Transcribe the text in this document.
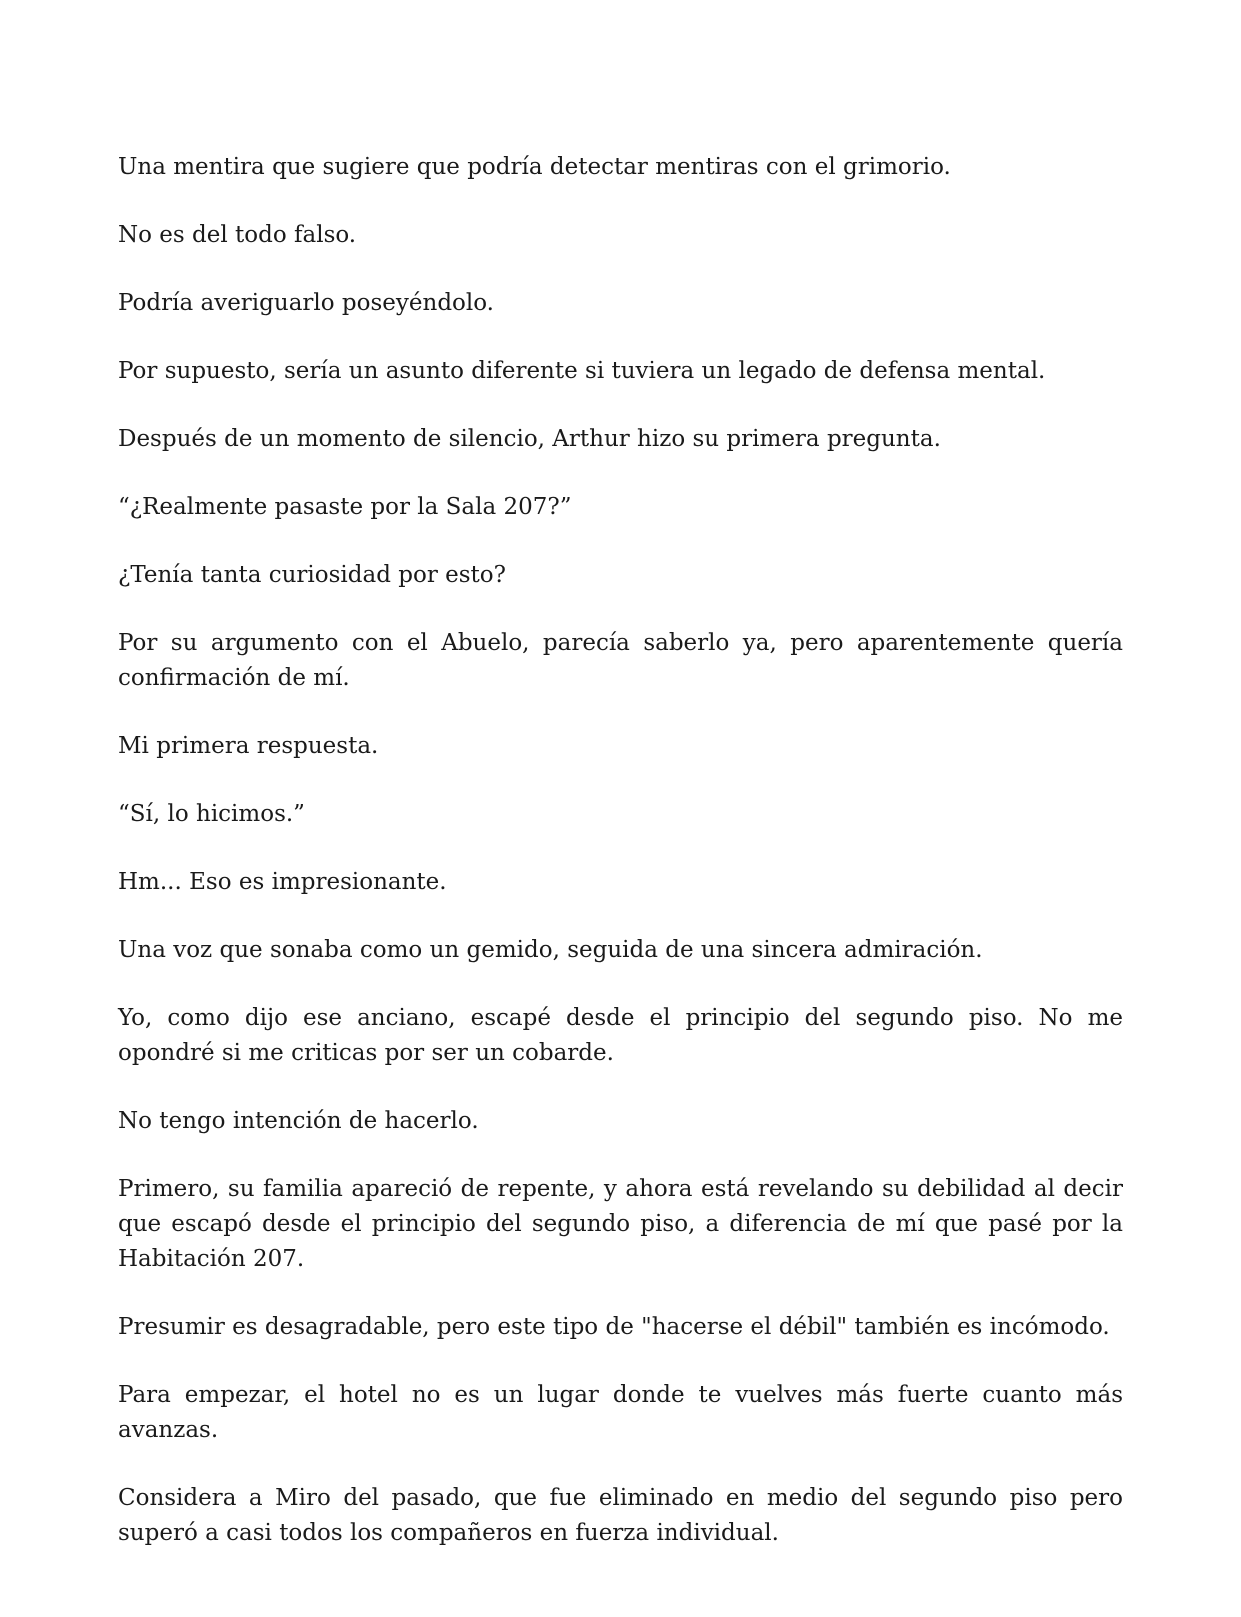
Una mentira que sugiere que podría detectar mentiras con el grimorio.

No es del todo falso.

Podría averiguarlo poseyéndolo.

Por supuesto, sería un asunto diferente si tuviera un legado de defensa mental.

Después de un momento de silencio, Arthur hizo su primera pregunta.

“¿Realmente pasaste por la Sala 207?”

¿Tenía tanta curiosidad por esto?

Por su argumento con el Abuelo, parecía saberlo ya, pero aparentemente quería confirmación de mí.

Mi primera respuesta.

“Sí, lo hicimos.”

Hm... Eso es impresionante.

Una voz que sonaba como un gemido, seguida de una sincera admiración.

Yo, como dijo ese anciano, escapé desde el principio del segundo piso. No me opondré si me criticas por ser un cobarde.

No tengo intención de hacerlo.

Primero, su familia apareció de repente, y ahora está revelando su debilidad al decir que escapó desde el principio del segundo piso, a diferencia de mí que pasé por la Habitación 207.

Presumir es desagradable, pero este tipo de "hacerse el débil" también es incómodo.

Para empezar, el hotel no es un lugar donde te vuelves más fuerte cuanto más avanzas.

Considera a Miro del pasado, que fue eliminado en medio del segundo piso pero superó a casi todos los compañeros en fuerza individual.
